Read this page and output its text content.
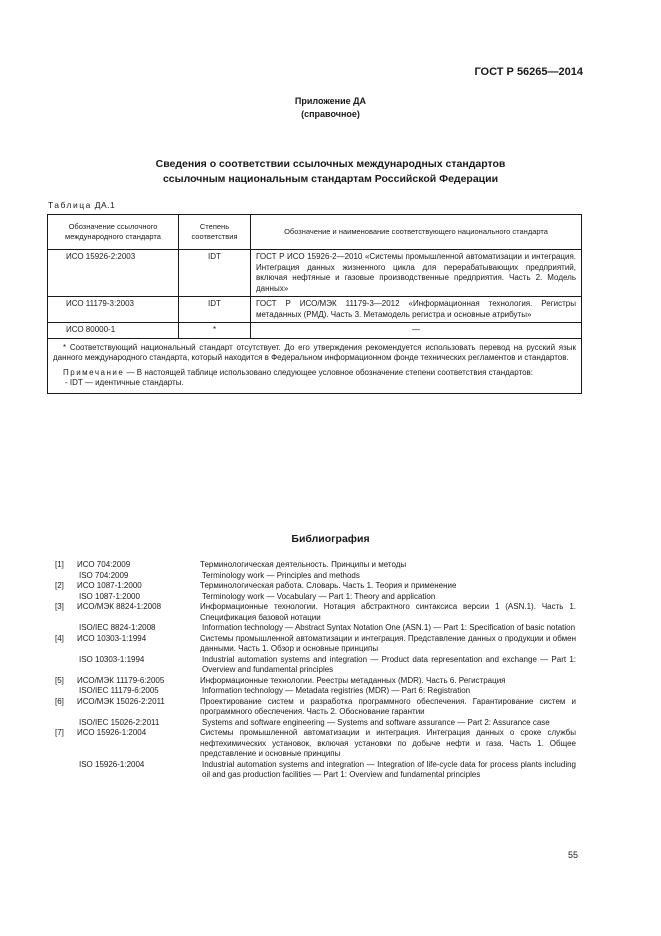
ГОСТ Р 56265—2014
Приложение ДА
(справочное)
Сведения о соответствии ссылочных международных стандартов
ссылочным национальным стандартам Российской Федерации
Таблица ДА.1
Обозначение ссылочного международного стандарта	Степень соответствия	Обозначение и наименование соответствующего национального стандарта
ИСО 15926-2:2003	IDT	ГОСТ Р ИСО 15926-2—2010 «Системы промышленной автоматизации и интеграция. Интеграция данных жизненного цикла для перерабатывающих предприятий, включая нефтяные и газовые производственные предприятия. Часть 2. Модель данных»
ИСО 11179-3:2003	IDT	ГОСТ Р ИСО/МЭК 11179-3—2012 «Информационная технология. Регистры метаданных (РМД). Часть 3. Метамодель регистра и основные атрибуты»
ИСО 80000-1	*	—

* Соответствующий национальный стандарт отсутствует. До его утверждения рекомендуется использовать перевод на русский язык данного международного стандарта, который находится в Федеральном информационном фонде технических регламентов и стандартов.

Примечание — В настоящей таблице использовано следующее условное обозначение степени соответствия стандартов:

- IDT — идентичные стандарты.		

Библиография
[1]	ИСО 704:2009	Терминологическая деятельность. Принципы и методы
ISO 704:2009	Terminology work — Principles and methods
[2]	ИСО 1087-1:2000	Терминологическая работа. Словарь. Часть 1. Теория и применение
ISO 1087-1:2000	Terminology work — Vocabulary — Part 1: Theory and application
[3]	ИСО/МЭК 8824-1:2008	Информационные технологии. Нотация абстрактного синтаксиса версии 1 (ASN.1). Часть 1. Спецификация базовой нотации
ISO/IEC 8824-1:2008	Information technology — Abstract Syntax Notation One (ASN.1) — Part 1: Specification of basic notation
[4]	ИСО 10303-1:1994	Системы промышленной автоматизации и интеграция. Представление данных о продукции и обмен данными. Часть 1. Обзор и основные принципы
ISO 10303-1:1994	Industrial automation systems and integration — Product data representation and exchange — Part 1: Overview and fundamental principles
[5]	ИСО/МЭК 11179-6:2005	Информационные технологии. Реестры метаданных (MDR). Часть 6. Регистрация
ISO/IEC 11179-6:2005	Information technology — Metadata registries (MDR) — Part 6: Registration
[6]	ИСО/МЭК 15026-2:2011	Проектирование систем и разработка программного обеспечения. Гарантирование систем и программного обеспечения. Часть 2. Обоснование гарантии
ISO/IEC 15026-2:2011	Systems and software engineering — Systems and software assurance — Part 2: Assurance case
[7]	ИСО 15926-1:2004	Системы промышленной автоматизации и интеграция. Интеграция данных о сроке службы нефтехимических установок, включая установки по добыче нефти и газа. Часть 1. Общее представление и основные принципы
ISO 15926-1:2004	Industrial automation systems and integration — Integration of life-cycle data for process plants including oil and gas production facilities — Part 1: Overview and fundamental principles
55
